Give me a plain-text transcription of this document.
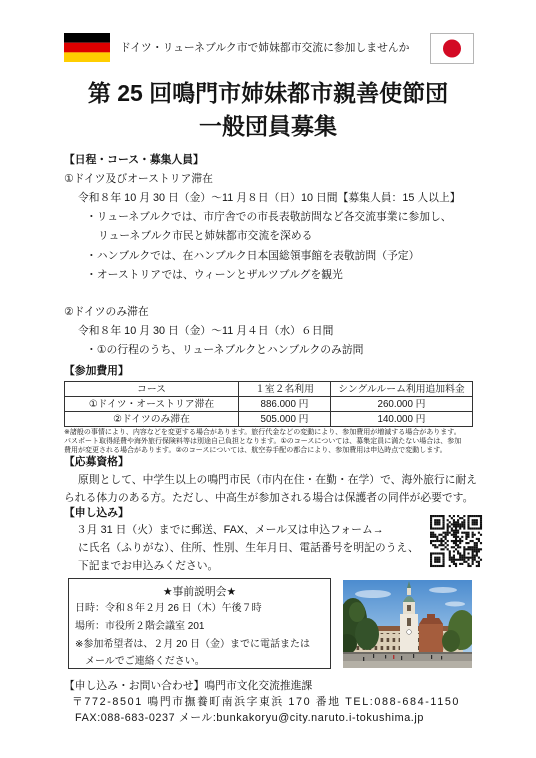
ドイツ・リューネブルク市で姉妹都市交流に参加しませんか
第 25 回鳴門市姉妹都市親善使節団
一般団員募集
【日程・コース・募集人員】
①ドイツ及びオーストリア滞在
令和８年 10 月 30 日（金）～11 月８日（日）10 日間【募集人員：15 人以上】
・リューネブルクでは、市庁舎での市長表敬訪問など各交流事業に参加し、
リューネブルク市民と姉妹都市交流を深める
・ハンブルクでは、在ハンブルク日本国総領事館を表敬訪問（予定）
・オーストリアでは、ウィーンとザルツブルグを観光
②ドイツのみ滞在
令和８年 10 月 30 日（金）～11 月４日（水）６日間
・①の行程のうち、リューネブルクとハンブルクのみ訪問
【参加費用】
コース	１室２名利用	シングルルーム利用追加料金
①ドイツ・オーストリア滞在	886.000 円	260.000 円
②ドイツのみ滞在	505.000 円	140.000 円
※諸般の事情により、内容などを変更する場合があります。旅行代金などの変動により、参加費用が増減する場合があります。
パスポート取得経費や海外旅行保険料等は別途自己負担となります。①のコースについては、募集定員に満たない場合は、参加
費用が変更される場合があります。②のコースについては、航空券手配の都合により、参加費用は申込時点で変動します。
【応募資格】
原則として、中学生以上の鳴門市民（市内在住・在勤・在学）で、海外旅行に耐え
られる体力のある方。ただし、中高生が参加される場合は保護者の同伴が必要です。
【申し込み】
３月 31 日（火）までに郵送、FAX、メール又は申込フォーム→
に氏名（ふりがな）、住所、性別、生年月日、電話番号を明記のうえ、
下記までお申込みください。
★事前説明会★
日時：令和８年２月 26 日（木）午後７時
場所：市役所２階会議室 201
※参加希望者は、２月 20 日（金）までに電話または
メールでご連絡ください。
【申し込み・お問い合わせ】鳴門市文化交流推進課
〒772-8501 鳴門市撫養町南浜字東浜 170 番地 TEL:088-684-1150
FAX:088-683-0237 メール:bunkakoryu@city.naruto.i-tokushima.jp
